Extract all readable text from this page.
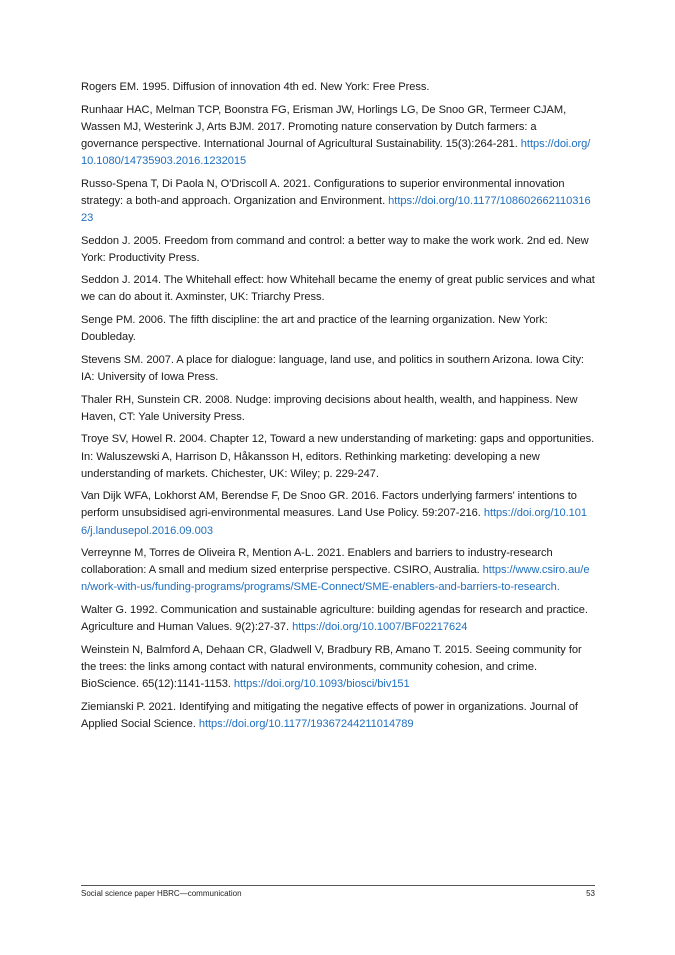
Rogers EM. 1995. Diffusion of innovation 4th ed. New York: Free Press.

Runhaar HAC, Melman TCP, Boonstra FG, Erisman JW, Horlings LG, De Snoo GR, Termeer CJAM, Wassen MJ, Westerink J, Arts BJM. 2017. Promoting nature conservation by Dutch farmers: a governance perspective. International Journal of Agricultural Sustainability. 15(3):264-281. https://doi.org/10.1080/14735903.2016.1232015

Russo-Spena T, Di Paola N, O'Driscoll A. 2021. Configurations to superior environmental innovation strategy: a both-and approach. Organization and Environment. https://doi.org/10.1177/10860266211031623

Seddon J. 2005. Freedom from command and control: a better way to make the work work. 2nd ed. New York: Productivity Press.

Seddon J. 2014. The Whitehall effect: how Whitehall became the enemy of great public services and what we can do about it. Axminster, UK: Triarchy Press.

Senge PM. 2006. The fifth discipline: the art and practice of the learning organization. New York: Doubleday.

Stevens SM. 2007. A place for dialogue: language, land use, and politics in southern Arizona. Iowa City: IA: University of Iowa Press.

Thaler RH, Sunstein CR. 2008. Nudge: improving decisions about health, wealth, and happiness. New Haven, CT: Yale University Press.

Troye SV, Howel R. 2004. Chapter 12, Toward a new understanding of marketing: gaps and opportunities. In: Waluszewski A, Harrison D, Håkansson H, editors. Rethinking marketing: developing a new understanding of markets. Chichester, UK: Wiley; p. 229-247.

Van Dijk WFA, Lokhorst AM, Berendse F, De Snoo GR. 2016. Factors underlying farmers' intentions to perform unsubsidised agri-environmental measures. Land Use Policy. 59:207-216. https://doi.org/10.1016/j.landusepol.2016.09.003

Verreynne M, Torres de Oliveira R, Mention A-L. 2021. Enablers and barriers to industry-research collaboration: A small and medium sized enterprise perspective. CSIRO, Australia. https://www.csiro.au/en/work-with-us/funding-programs/programs/SME-Connect/SME-enablers-and-barriers-to-research.

Walter G. 1992. Communication and sustainable agriculture: building agendas for research and practice. Agriculture and Human Values. 9(2):27-37. https://doi.org/10.1007/BF02217624

Weinstein N, Balmford A, Dehaan CR, Gladwell V, Bradbury RB, Amano T. 2015. Seeing community for the trees: the links among contact with natural environments, community cohesion, and crime. BioScience. 65(12):1141-1153. https://doi.org/10.1093/biosci/biv151

Ziemianski P. 2021. Identifying and mitigating the negative effects of power in organizations. Journal of Applied Social Science. https://doi.org/10.1177/19367244211014789

Social science paper HBRC—communication	53
